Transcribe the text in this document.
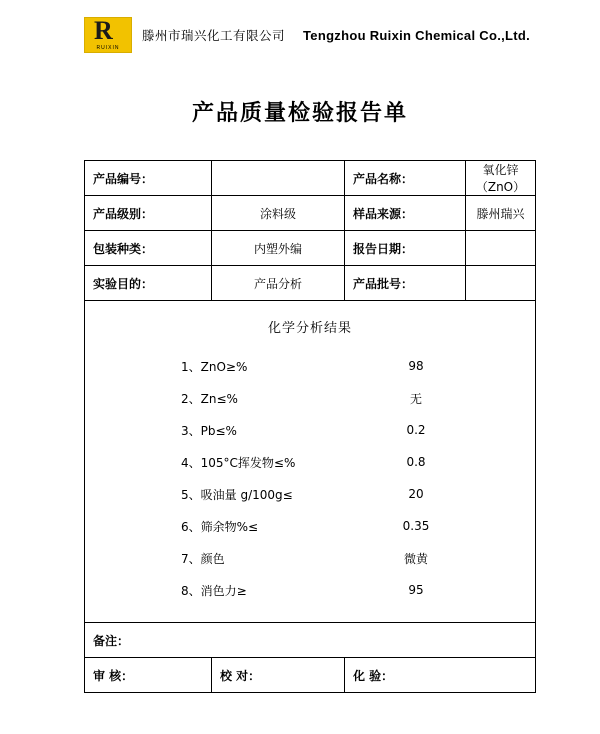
R
RUIXIN
滕州市瑞兴化工有限公司 Tengzhou Ruixin Chemical Co.,Ltd.
产品质量检验报告单
产品编号：		产品名称：	氧化锌（ZnO）
产品级别：	涂料级	样品来源：	滕州瑞兴
包装种类：	内塑外编	报告日期：	
实验目的：	产品分析	产品批号：	

化学分析结果
1、ZnO≥%	98
2、Zn≤%	无
3、Pb≤%	0.2
4、105°C挥发物≤%	0.8
5、吸油量 g/100g≤	20
6、筛余物%≤	0.35
7、颜色	微黄
8、消色力≥	95

备注：			
审 核：	校 对：	化 验：	
